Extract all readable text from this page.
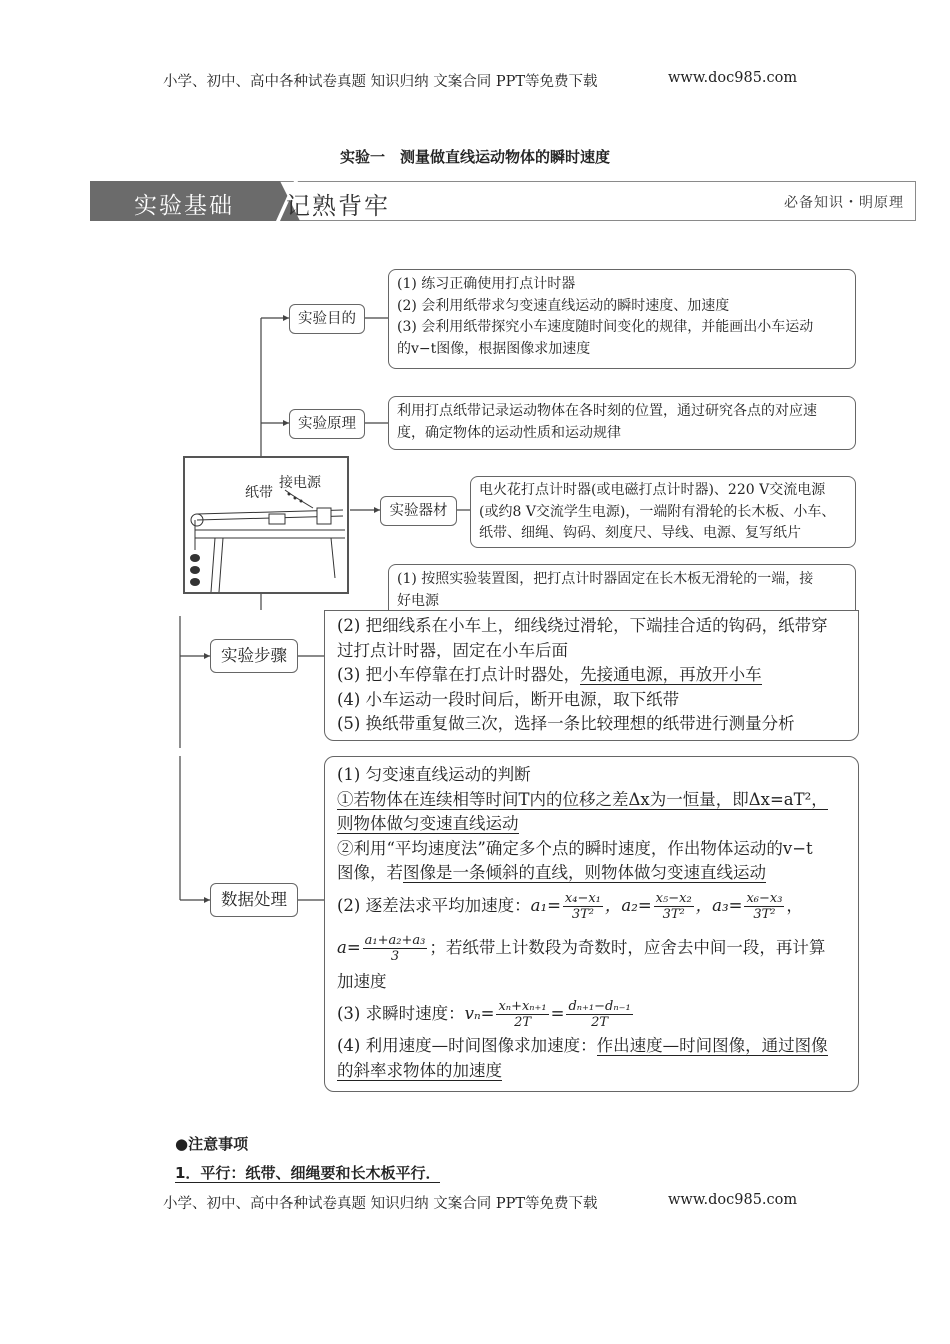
小学、初中、高中各种试卷真题 知识归纳 文案合同 PPT等免费下载	www.doc985.com
实验一　测量做直线运动物体的瞬时速度
实验基础 记熟背牢	必备知识・明原理
实验目的

(1) 练习正确使用打点计时器

(2) 会利用纸带求匀变速直线运动的瞬时速度、加速度

(3) 会利用纸带探究小车速度随时间变化的规律，并能画出小车运动

的v−t图像，根据图像求加速度

实验原理

利用打点纸带记录运动物体在各时刻的位置，通过研究各点的对应速

度，确定物体的运动性质和运动规律

纸带
接电源
实验器材

电火花打点计时器(或电磁打点计时器)、220 V交流电源

(或约8 V交流学生电源)，一端附有滑轮的长木板、小车、

纸带、细绳、钩码、刻度尺、导线、电源、复写纸片

(1) 按照实验装置图，把打点计时器固定在长木板无滑轮的一端，接

好电源

实验步骤

(2) 把细线系在小车上，细线绕过滑轮，下端挂合适的钩码，纸带穿

过打点计时器，固定在小车后面

(3) 把小车停靠在打点计时器处，先接通电源，再放开小车

(4) 小车运动一段时间后，断开电源，取下纸带

(5) 换纸带重复做三次，选择一条比较理想的纸带进行测量分析

数据处理

(1) 匀变速直线运动的判断

①若物体在连续相等时间T内的位移之差Δx为一恒量，即Δx=aT²，

则物体做匀变速直线运动

②利用“平均速度法”确定多个点的瞬时速度，作出物体运动的v−t

图像，若图像是一条倾斜的直线，则物体做匀变速直线运动

(2) 逐差法求平均加速度：$a_1= \frac{\text{x₄−x₁}}{\text{3T²}}$ ，$a_2= \frac{\text{x₅−x₂}}{\text{3T²}}$ ，$a_3= \frac{\text{x₆−x₃}}{\text{3T²}}$ ，

$a= \frac{\text{a₁+a₂+a₃}}{3}$ ；若纸带上计数段为奇数时，应舍去中间一段，再计算

加速度

(3) 求瞬时速度：$v_n= \frac{\text{xₙ+xₙ₊₁}}{2T} = \frac{\text{dₙ₊₁−dₙ₋₁}}{2T}$

(4) 利用速度—时间图像求加速度：作出速度—时间图像，通过图像

的斜率求物体的加速度

●注意事项
1．平行：纸带、细绳要和长木板平行．
小学、初中、高中各种试卷真题 知识归纳 文案合同 PPT等免费下载	www.doc985.com
